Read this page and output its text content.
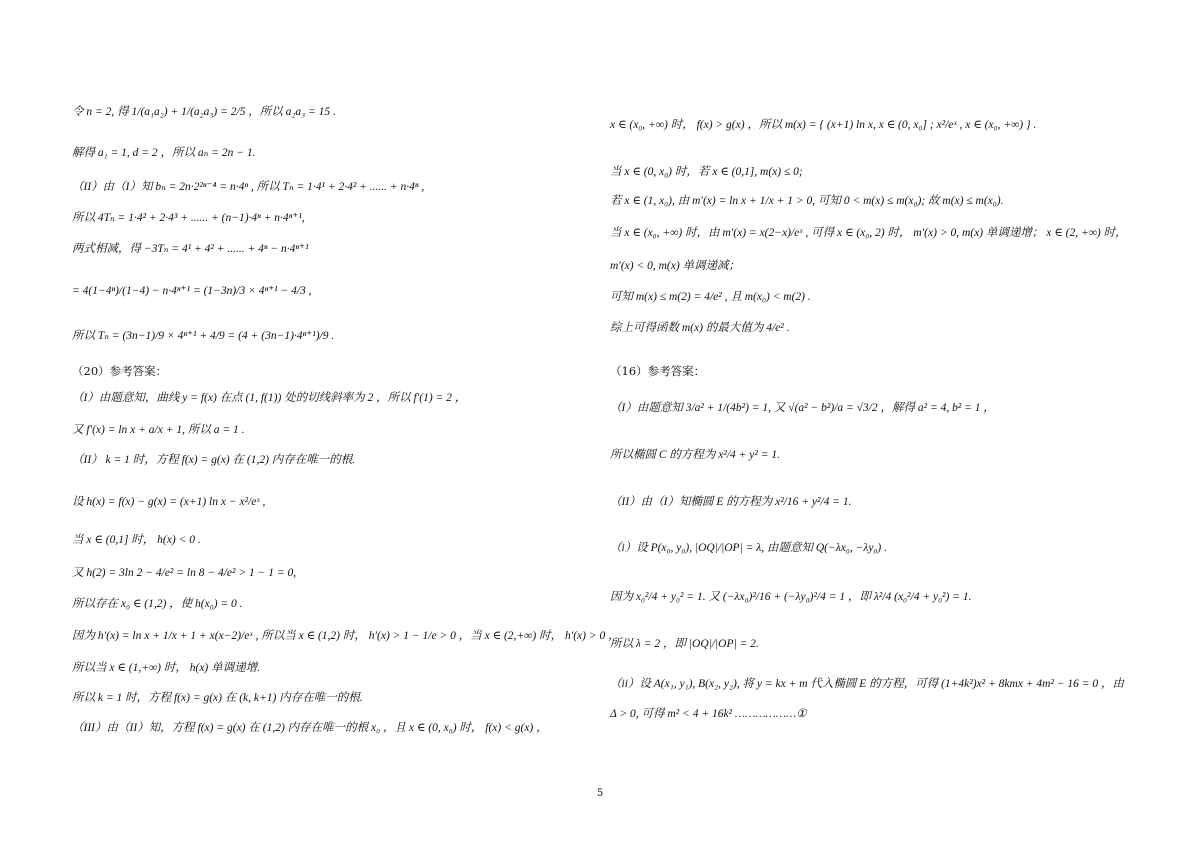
令 n = 2, 得 1/(a₁a₂) + 1/(a₂a₃) = 2/5 ，所以 a₂a₃ = 15 .
解得 a₁ = 1, d = 2 ，所以 aₙ = 2n − 1.
（II）由（I）知 bₙ = 2n·2²ⁿ⁻⁴ = n·4ⁿ , 所以 Tₙ = 1·4¹ + 2·4² + ...... + n·4ⁿ ,
所以 4Tₙ = 1·4² + 2·4³ + ...... + (n−1)·4ⁿ + n·4ⁿ⁺¹,
两式相减，得 −3Tₙ = 4¹ + 4² + ...... + 4ⁿ − n·4ⁿ⁺¹
= 4(1−4ⁿ)/(1−4) − n·4ⁿ⁺¹ = (1−3n)/3 × 4ⁿ⁺¹ − 4/3 ,
所以 Tₙ = (3n−1)/9 × 4ⁿ⁺¹ + 4/9 = (4 + (3n−1)·4ⁿ⁺¹)/9 .
（20）参考答案：
（I）由题意知，曲线 y = f(x) 在点 (1, f(1)) 处的切线斜率为 2 ，所以 f′(1) = 2 ，
又 f′(x) = ln x + a/x + 1, 所以 a = 1 .
（II） k = 1 时，方程 f(x) = g(x) 在 (1,2) 内存在唯一的根.
设 h(x) = f(x) − g(x) = (x+1) ln x − x²/eˣ ,
当 x ∈ (0,1] 时， h(x) < 0 .
又 h(2) = 3ln 2 − 4/e² = ln 8 − 4/e² > 1 − 1 = 0,
所以存在 x₀ ∈ (1,2) ，使 h(x₀) = 0 .
因为 h′(x) = ln x + 1/x + 1 + x(x−2)/eˣ , 所以当 x ∈ (1,2) 时， h′(x) > 1 − 1/e > 0 ，当 x ∈ (2,+∞) 时， h′(x) > 0 ，
所以当 x ∈ (1,+∞) 时， h(x) 单调递增.
所以 k = 1 时，方程 f(x) = g(x) 在 (k, k+1) 内存在唯一的根.
（III）由（II）知，方程 f(x) = g(x) 在 (1,2) 内存在唯一的根 x₀ ，且 x ∈ (0, x₀) 时， f(x) < g(x) ，
x ∈ (x₀, +∞) 时， f(x) > g(x) ，所以 m(x) = { (x+1) ln x, x ∈ (0, x₀] ; x²/eˣ , x ∈ (x₀, +∞) } .
当 x ∈ (0, x₀) 时，若 x ∈ (0,1], m(x) ≤ 0;
若 x ∈ (1, x₀), 由 m′(x) = ln x + 1/x + 1 > 0, 可知 0 < m(x) ≤ m(x₀); 故 m(x) ≤ m(x₀).
当 x ∈ (x₀, +∞) 时，由 m′(x) = x(2−x)/eˣ , 可得 x ∈ (x₀, 2) 时， m′(x) > 0, m(x) 单调递增； x ∈ (2, +∞) 时，
m′(x) < 0, m(x) 单调递减；
可知 m(x) ≤ m(2) = 4/e² , 且 m(x₀) < m(2) .
综上可得函数 m(x) 的最大值为 4/e² .
（16）参考答案：
（I）由题意知 3/a² + 1/(4b²) = 1, 又 √(a² − b²)/a = √3/2 ，解得 a² = 4, b² = 1 ，
所以椭圆 C 的方程为 x²/4 + y² = 1.
（II）由（I）知椭圆 E 的方程为 x²/16 + y²/4 = 1.
（i）设 P(x₀, y₀), |OQ|/|OP| = λ, 由题意知 Q(−λx₀, −λy₀) .
因为 x₀²/4 + y₀² = 1. 又 (−λx₀)²/16 + (−λy₀)²/4 = 1 ，即 λ²/4 (x₀²/4 + y₀²) = 1.
所以 λ = 2 ，即 |OQ|/|OP| = 2.
（ii）设 A(x₁, y₁), B(x₂, y₂), 将 y = kx + m 代入椭圆 E 的方程，可得 (1+4k²)x² + 8kmx + 4m² − 16 = 0 ，由
Δ > 0, 可得 m² < 4 + 16k² ………………①
5
